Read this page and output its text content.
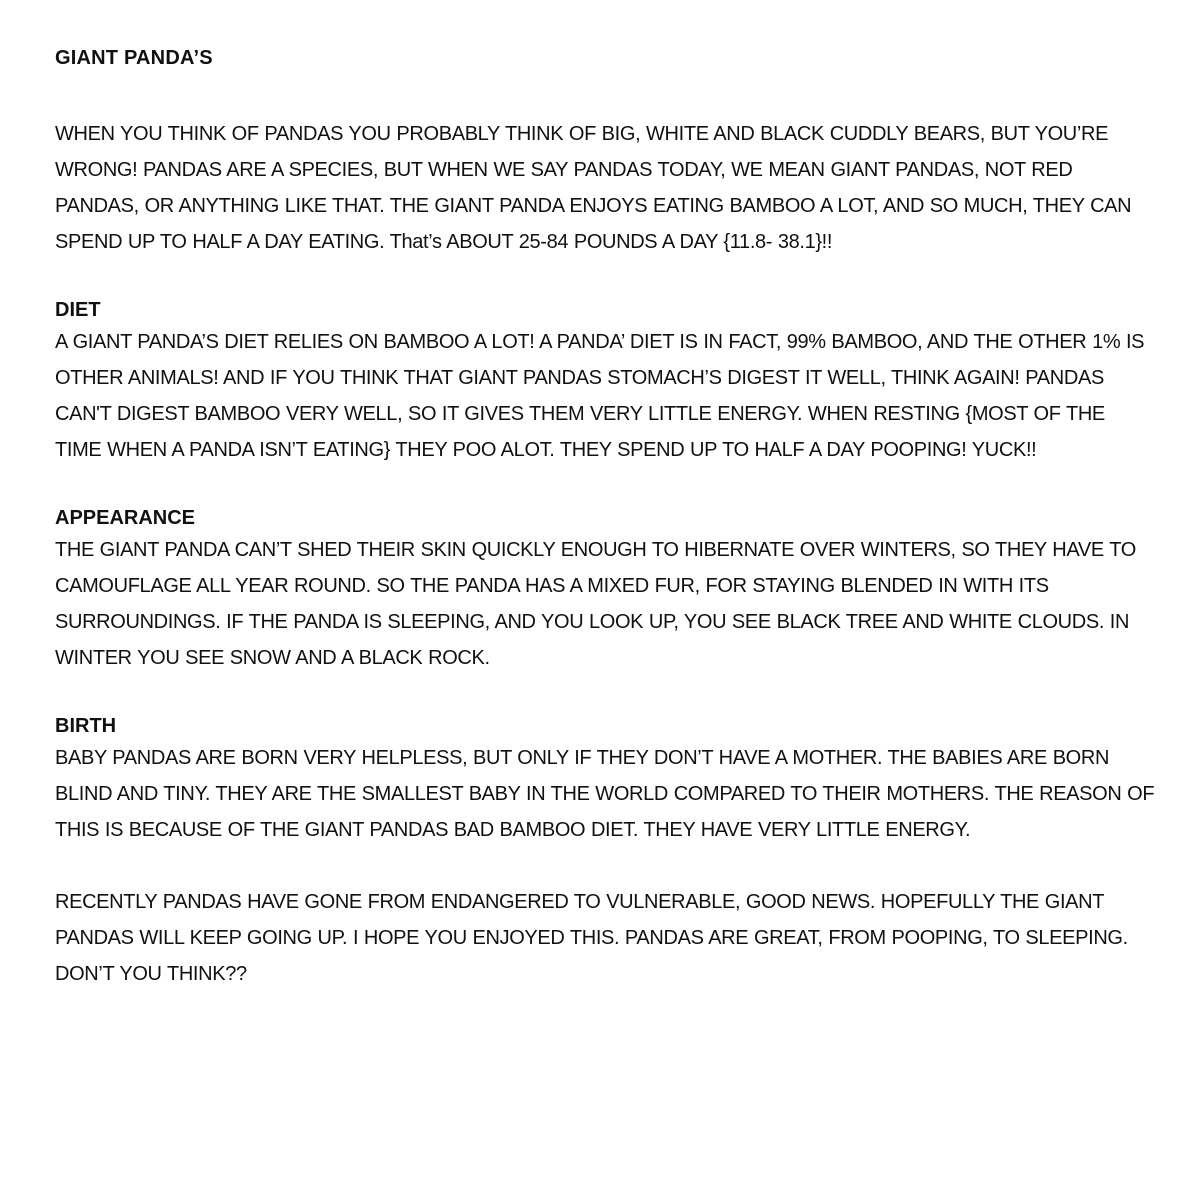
GIANT PANDA’S

WHEN YOU THINK OF PANDAS YOU PROBABLY THINK OF BIG, WHITE AND BLACK CUDDLY BEARS, BUT YOU’RE WRONG! PANDAS ARE A SPECIES, BUT WHEN WE SAY PANDAS TODAY, WE MEAN GIANT PANDAS, NOT RED PANDAS, OR ANYTHING LIKE THAT. THE GIANT PANDA ENJOYS EATING BAMBOO A LOT, AND SO MUCH, THEY CAN SPEND UP TO HALF A DAY EATING. That’s ABOUT 25-84 POUNDS A DAY {11.8- 38.1}!!

DIET

A GIANT PANDA’S DIET RELIES ON BAMBOO A LOT! A PANDA’ DIET IS IN FACT, 99% BAMBOO, AND THE OTHER 1% IS OTHER ANIMALS! AND IF YOU THINK THAT GIANT PANDAS STOMACH’S DIGEST IT WELL, THINK AGAIN! PANDAS CAN'T DIGEST BAMBOO VERY WELL, SO IT GIVES THEM VERY LITTLE ENERGY. WHEN RESTING {MOST OF THE TIME WHEN A PANDA ISN’T EATING} THEY POO ALOT. THEY SPEND UP TO HALF A DAY POOPING! YUCK!!

APPEARANCE

THE GIANT PANDA CAN’T SHED THEIR SKIN QUICKLY ENOUGH TO HIBERNATE OVER WINTERS, SO THEY HAVE TO CAMOUFLAGE ALL YEAR ROUND. SO THE PANDA HAS A MIXED FUR, FOR STAYING BLENDED IN WITH ITS SURROUNDINGS. IF THE PANDA IS SLEEPING, AND YOU LOOK UP, YOU SEE BLACK TREE AND WHITE CLOUDS. IN WINTER YOU SEE SNOW AND A BLACK ROCK.

BIRTH

BABY PANDAS ARE BORN VERY HELPLESS, BUT ONLY IF THEY DON’T HAVE A MOTHER. THE BABIES ARE BORN BLIND AND TINY. THEY ARE THE SMALLEST BABY IN THE WORLD COMPARED TO THEIR MOTHERS. THE REASON OF THIS IS BECAUSE OF THE GIANT PANDAS BAD BAMBOO DIET. THEY HAVE VERY LITTLE ENERGY.

RECENTLY PANDAS HAVE GONE FROM ENDANGERED TO VULNERABLE, GOOD NEWS. HOPEFULLY THE GIANT PANDAS WILL KEEP GOING UP. I HOPE YOU ENJOYED THIS. PANDAS ARE GREAT, FROM POOPING, TO SLEEPING. DON’T YOU THINK??
